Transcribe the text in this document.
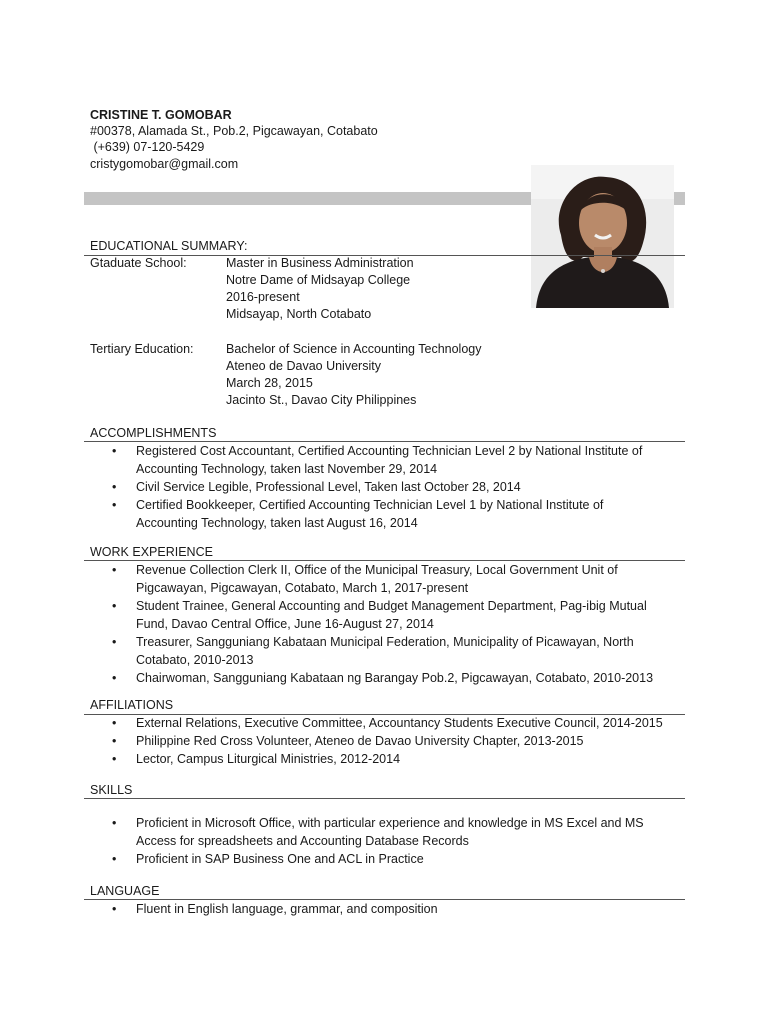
CRISTINE T. GOMOBAR
#00378, Alamada St., Pob.2, Pigcawayan, Cotabato
(+639) 07-120-5429
cristygomobar@gmail.com
EDUCATIONAL SUMMARY:
Gtaduate School:	Master in Business Administration
Notre Dame of Midsayap College
2016-present
Midsayap, North Cotabato
Tertiary Education:	Bachelor of Science in Accounting Technology
Ateneo de Davao University
March 28, 2015
Jacinto St., Davao City Philippines
ACCOMPLISHMENTS
• Registered Cost Accountant, Certified Accounting Technician Level 2 by National Institute of Accounting Technology, taken last November 29, 2014
• Civil Service Legible, Professional Level, Taken last October 28, 2014
• Certified Bookkeeper, Certified Accounting Technician Level 1 by National Institute of Accounting Technology, taken last August 16, 2014
WORK EXPERIENCE
• Revenue Collection Clerk II, Office of the Municipal Treasury, Local Government Unit of Pigcawayan, Pigcawayan, Cotabato, March 1, 2017-present
• Student Trainee, General Accounting and Budget Management Department, Pag-ibig Mutual Fund, Davao Central Office, June 16-August 27, 2014
• Treasurer, Sangguniang Kabataan Municipal Federation, Municipality of Picawayan, North Cotabato, 2010-2013
• Chairwoman, Sangguniang Kabataan ng Barangay Pob.2, Pigcawayan, Cotabato, 2010-2013
AFFILIATIONS
• External Relations, Executive Committee, Accountancy Students Executive Council, 2014-2015
• Philippine Red Cross Volunteer, Ateneo de Davao University Chapter, 2013-2015
• Lector, Campus Liturgical Ministries, 2012-2014
SKILLS
• Proficient in Microsoft Office, with particular experience and knowledge in MS Excel and MS Access for spreadsheets and Accounting Database Records
• Proficient in SAP Business One and ACL in Practice
LANGUAGE
• Fluent in English language, grammar, and composition
